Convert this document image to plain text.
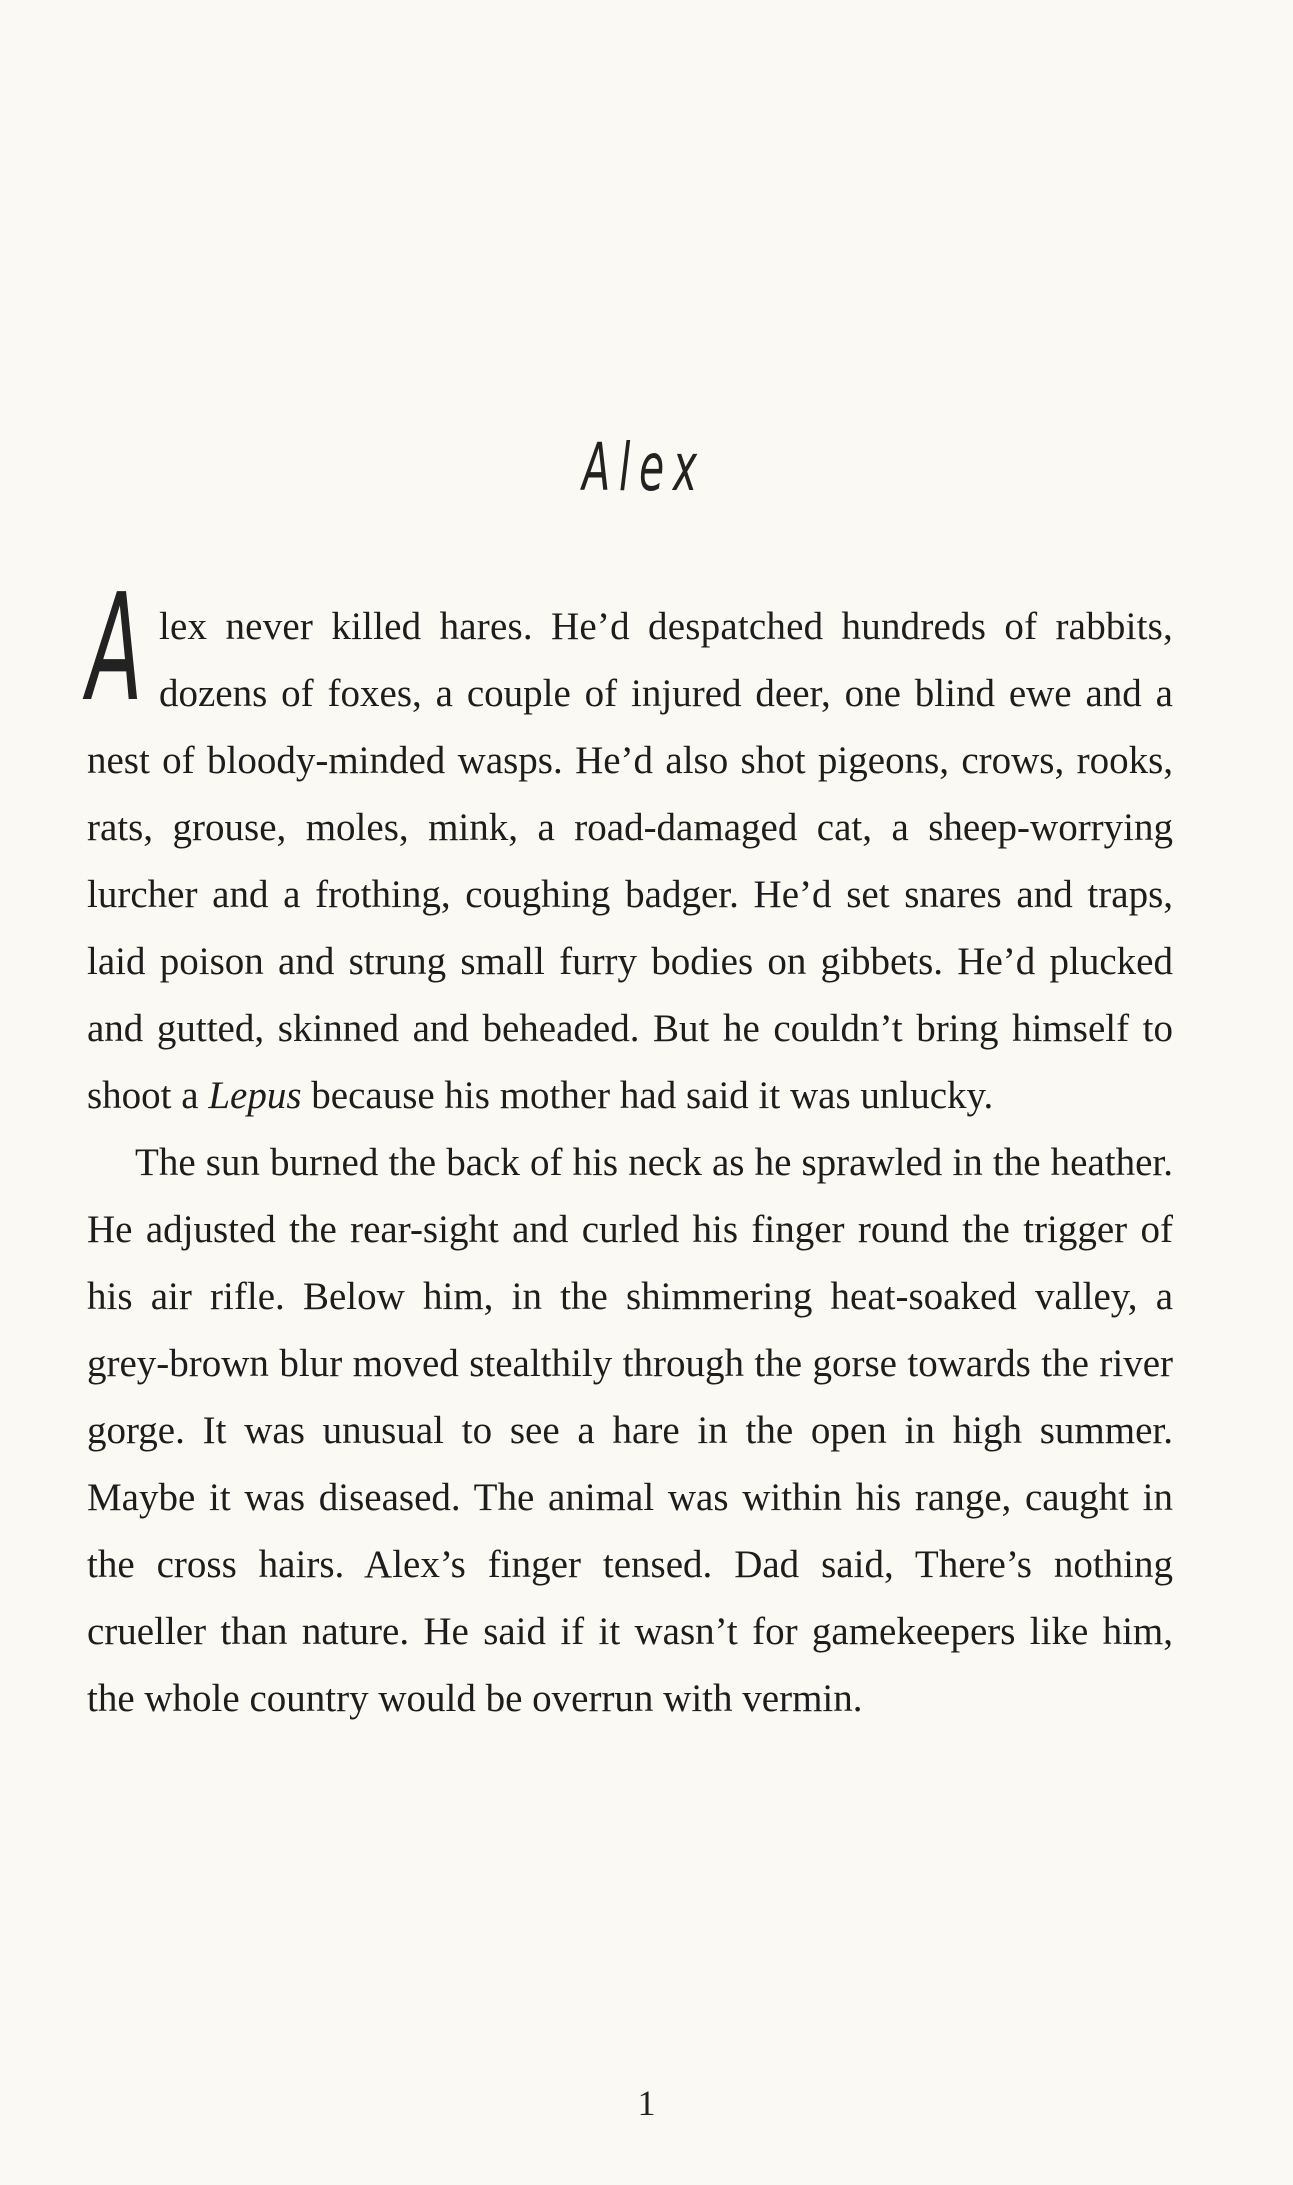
Alex

Alex never killed hares. He’d despatched hundreds of rabbits, dozens of foxes, a couple of injured deer, one blind ewe and a nest of bloody-minded wasps. He’d also shot pigeons, crows, rooks, rats, grouse, moles, mink, a road-damaged cat, a sheep-worrying lurcher and a frothing, coughing badger. He’d set snares and traps, laid poison and strung small furry bodies on gibbets. He’d plucked and gutted, skinned and beheaded. But he couldn’t bring himself to shoot a Lepus because his mother had said it was unlucky.

The sun burned the back of his neck as he sprawled in the heather. He adjusted the rear-sight and curled his finger round the trigger of his air rifle. Below him, in the shimmering heat-soaked valley, a grey-brown blur moved stealthily through the gorse towards the river gorge. It was unusual to see a hare in the open in high summer. Maybe it was diseased. The animal was within his range, caught in the cross hairs. Alex’s finger tensed. Dad said, There’s nothing crueller than nature. He said if it wasn’t for gamekeepers like him, the whole country would be overrun with vermin.

1
